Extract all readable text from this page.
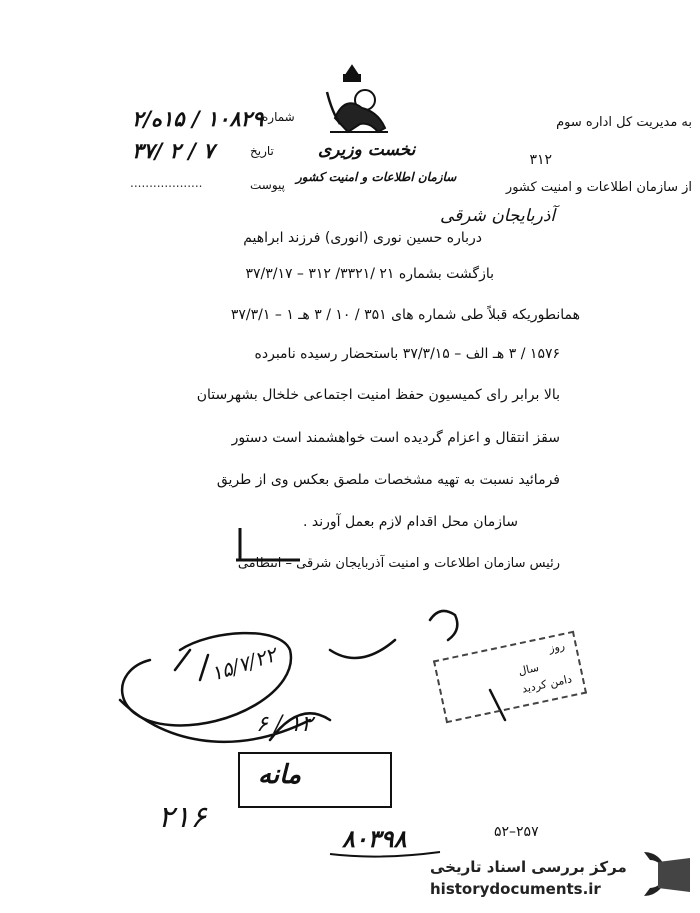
به مدیریت کل اداره سوم
۳۱۲
از سازمان اطلاعات و امنیت کشور
نخست وزیری
سازمان اطلاعات و امنیت کشور
شماره
۱۰۸۲۹ / ۱۵ه/۲
تاریخ
۳۷/ ۲ / ۷
پیوست
...................
آذربایجان شرقی
درباره حسین نوری (انوری) فرزند ابراهیم
بازگشت بشماره ۲۱ /۳۳۲۱/ ۳۱۲ – ۳۷/۳/۱۷
همانطوریکه قبلاً طی شماره های ۳۵۱ / ۱۰ / ۳ هـ ۱ – ۳۷/۳/۱
۱۵۷۶ / ۳ هـ الف – ۳۷/۳/۱۵ باستحضار رسیده نامبرده
بالا برابر رای کمیسیون حفظ امنیت اجتماعی خلخال بشهرستان
سقز انتقال و اعزام گردیده است خواهشمند است دستور
فرمائید نسبت به تهیه مشخصات ملصق بعکس وی از طریق
سازمان محل اقدام لازم بعمل آورند .
رئیس سازمان اطلاعات و امنیت آذربایجان شرقی – انتظامی
۱۵/۷/۲۲
۶ / ۱۲
روز
سال
دامن کردید
مانه
۲۱۶
۸۰۳۹۸	۵۲–۲۵۷
مرکز بررسی اسناد تاریخی
historydocuments.ir
